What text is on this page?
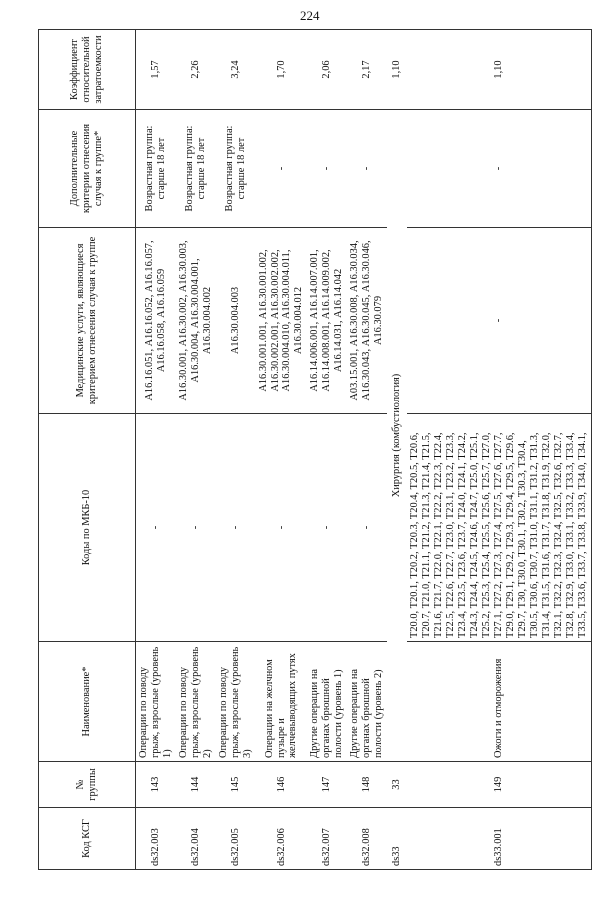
224
Код КСГ	№ группы	Наименование*	Коды по МКБ-10	Медицинские услуги, являющиеся критерием отнесения случая к группе	Дополнительные критерии отнесения случая к группе*	Коэффициент относительной затратоемкости
ds32.003	143	Операции по поводу грыж, взрослые (уровень 1)	-	А16.16.051, А16.16.052, А16.16.057, А16.16.058, А16.16.059	Возрастная группа: старше 18 лет	1,57
ds32.004	144	Операции по поводу грыж, взрослые (уровень 2)	-	А16.30.001, А16.30.002, А16.30.003, А16.30.004, А16.30.004.001, А16.30.004.002	Возрастная группа: старше 18 лет	2,26
ds32.005	145	Операции по поводу грыж, взрослые (уровень 3)	-	А16.30.004.003	Возрастная группа: старше 18 лет	3,24
ds32.006	146	Операции на желчном пузыре и желчевыводящих путях	-	А16.30.001.001, А16.30.001.002, А16.30.002.001, А16.30.002.002, А16.30.004.010, А16.30.004.011, А16.30.004.012	-	1,70
ds32.007	147	Другие операции на органах брюшной полости (уровень 1)	-	А16.14.006.001, А16.14.007.001, А16.14.008.001, А16.14.009.002, А16.14.031, А16.14.042	-	2,06
ds32.008	148	Другие операции на органах брюшной полости (уровень 2)	-	А03.15.001, А16.30.008, А16.30.034, А16.30.043, А16.30.045, А16.30.046, А16.30.079	-	2,17
ds33	33	Хирургия (комбустиология)				1,10
ds33.001	149	Ожоги и отморожения	Т20.0, Т20.1, Т20.2, Т20.3, Т20.4, Т20.5, Т20.6, Т20.7, Т21.0, Т21.1, Т21.2, Т21.3, Т21.4, Т21.5, Т21.6, Т21.7, Т22.0, Т22.1, Т22.2, Т22.3, Т22.4, Т22.5, Т22.6, Т22.7, Т23.0, Т23.1, Т23.2, Т23.3, Т23.4, Т23.5, Т23.6, Т23.7, Т24.0, Т24.1, Т24.2, Т24.3, Т24.4, Т24.5, Т24.6, Т24.7, Т25.0, Т25.1, Т25.2, Т25.3, Т25.4, Т25.5, Т25.6, Т25.7, Т27.0, Т27.1, Т27.2, Т27.3, Т27.4, Т27.5, Т27.6, Т27.7, Т29.0, Т29.1, Т29.2, Т29.3, Т29.4, Т29.5, Т29.6, Т29.7, Т30, Т30.0, Т30.1, Т30.2, Т30.3, Т30.4, Т30.5, Т30.6, Т30.7, Т31.0, Т31.1, Т31.2, Т31.3, Т31.4, Т31.5, Т31.6, Т31.7, Т31.8, Т31.9, Т32.0, Т32.1, Т32.2, Т32.3, Т32.4, Т32.5, Т32.6, Т32.7, Т32.8, Т32.9, Т33.0, Т33.1, Т33.2, Т33.3, Т33.4, Т33.5, Т33.6, Т33.7, Т33.8, Т33.9, Т34.0, Т34.1,	-	-	1,10
